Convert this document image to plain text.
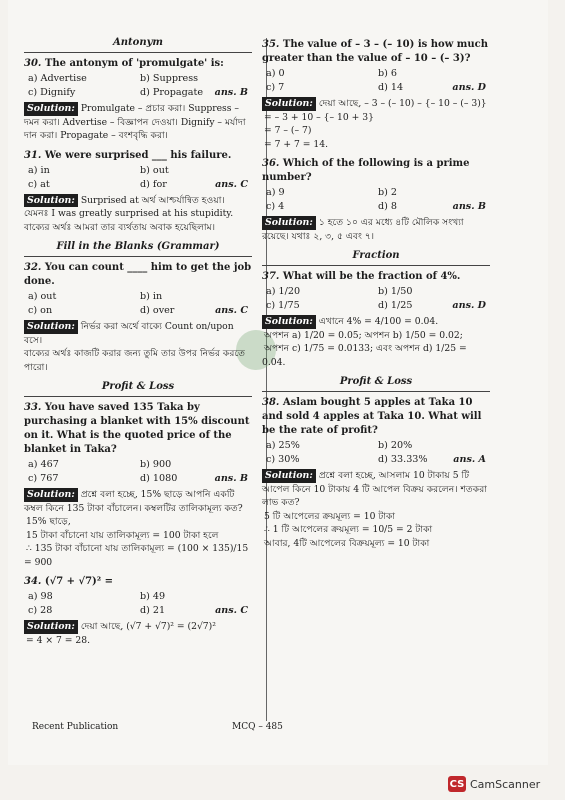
Antonym
30. The antonym of 'promulgate' is:
a) Advertise	b) Suppress
c) Dignify	d) Propagate ans. B
Solution: Promulgate – প্রচার করা। Suppress – দমন করা। Advertise – বিজ্ঞাপন দেওয়া। Dignify – মর্যাদা দান করা। Propagate – বংশবৃদ্ধি করা।
31. We were surprised ___ his failure.
a) in	b) out
c) at	d) for	ans. C
Solution: Surprised at অর্থ আশ্চর্যান্বিত হওয়া। যেমনঃ I was greatly surprised at his stupidity.
বাক্যের অর্থঃ আমরা তার ব্যর্থতায় অবাক হয়েছিলাম।
Fill in the Blanks (Grammar)
32. You can count ____ him to get the job done.
a) out	b) in
c) on	d) over	ans. C
Solution: নির্ভর করা অর্থে বাক্যে Count on/upon বসে।
বাক্যের অর্থঃ কাজটি করার জন্য তুমি তার উপর নির্ভর করতে পারো।
Profit & Loss
33. You have saved 135 Taka by purchasing a blanket with 15% discount on it. What is the quoted price of the blanket in Taka?
a) 467	b) 900
c) 767	d) 1080	ans. B
Solution: প্রশ্নে বলা হচ্ছে, 15% ছাড়ে আপনি একটি কম্বল কিনে 135 টাকা বাঁচালেন। কম্বলটির তালিকামূল্য কত?
15% ছাড়ে,
15 টাকা বাঁচানো যায় তালিকামূল্য = 100 টাকা হলে
∴ 135 টাকা বাঁচানো যায় তালিকামূল্য = (100 × 135)/15 = 900
34. (√7 + √7)² =
a) 98	b) 49
c) 28	d) 21	ans. C
Solution: দেয়া আছে, (√7 + √7)² = (2√7)²
= 4 × 7 = 28.
35. The value of – 3 – (– 10) is how much greater than the value of – 10 – (– 3)?
a) 0	b) 6
c) 7	d) 14	ans. D
Solution: দেয়া আছে, – 3 – (– 10) – {– 10 – (– 3)}
= – 3 + 10 – {– 10 + 3}
= 7 – (– 7)
= 7 + 7 = 14.
36. Which of the following is a prime number?
a) 9	b) 2
c) 4	d) 8	ans. B
Solution: ১ হতে ১০ এর মধ্যে ৪টি মৌলিক সংখ্যা রয়েছে। যথাঃ ২, ৩, ৫ এবং ৭।
Fraction
37. What will be the fraction of 4%.
a) 1/20	b) 1/50
c) 1/75	d) 1/25	ans. D
Solution: এখানে 4% = 4/100 = 0.04.
অপশন a) 1/20 = 0.05; অপশন b) 1/50 = 0.02;
অপশন c) 1/75 = 0.0133; এবং অপশন d) 1/25 = 0.04.
Profit & Loss
38. Aslam bought 5 apples at Taka 10 and sold 4 apples at Taka 10. What will be the rate of profit?
a) 25%	b) 20%
c) 30%	d) 33.33%	ans. A
Solution: প্রশ্নে বলা হচ্ছে, আসলাম 10 টাকায় 5 টি আপেল কিনে 10 টাকায় 4 টি আপেল বিক্রয় করলেন। শতকরা লাভ কত?
5 টি আপেলের ক্রয়মূল্য = 10 টাকা
∴ 1 টি আপেলের ক্রয়মূল্য = 10/5 = 2 টাকা
আবার, 4টি আপেলের বিক্রয়মূল্য = 10 টাকা
Recent Publication	MCQ – 485
CS CamScanner
